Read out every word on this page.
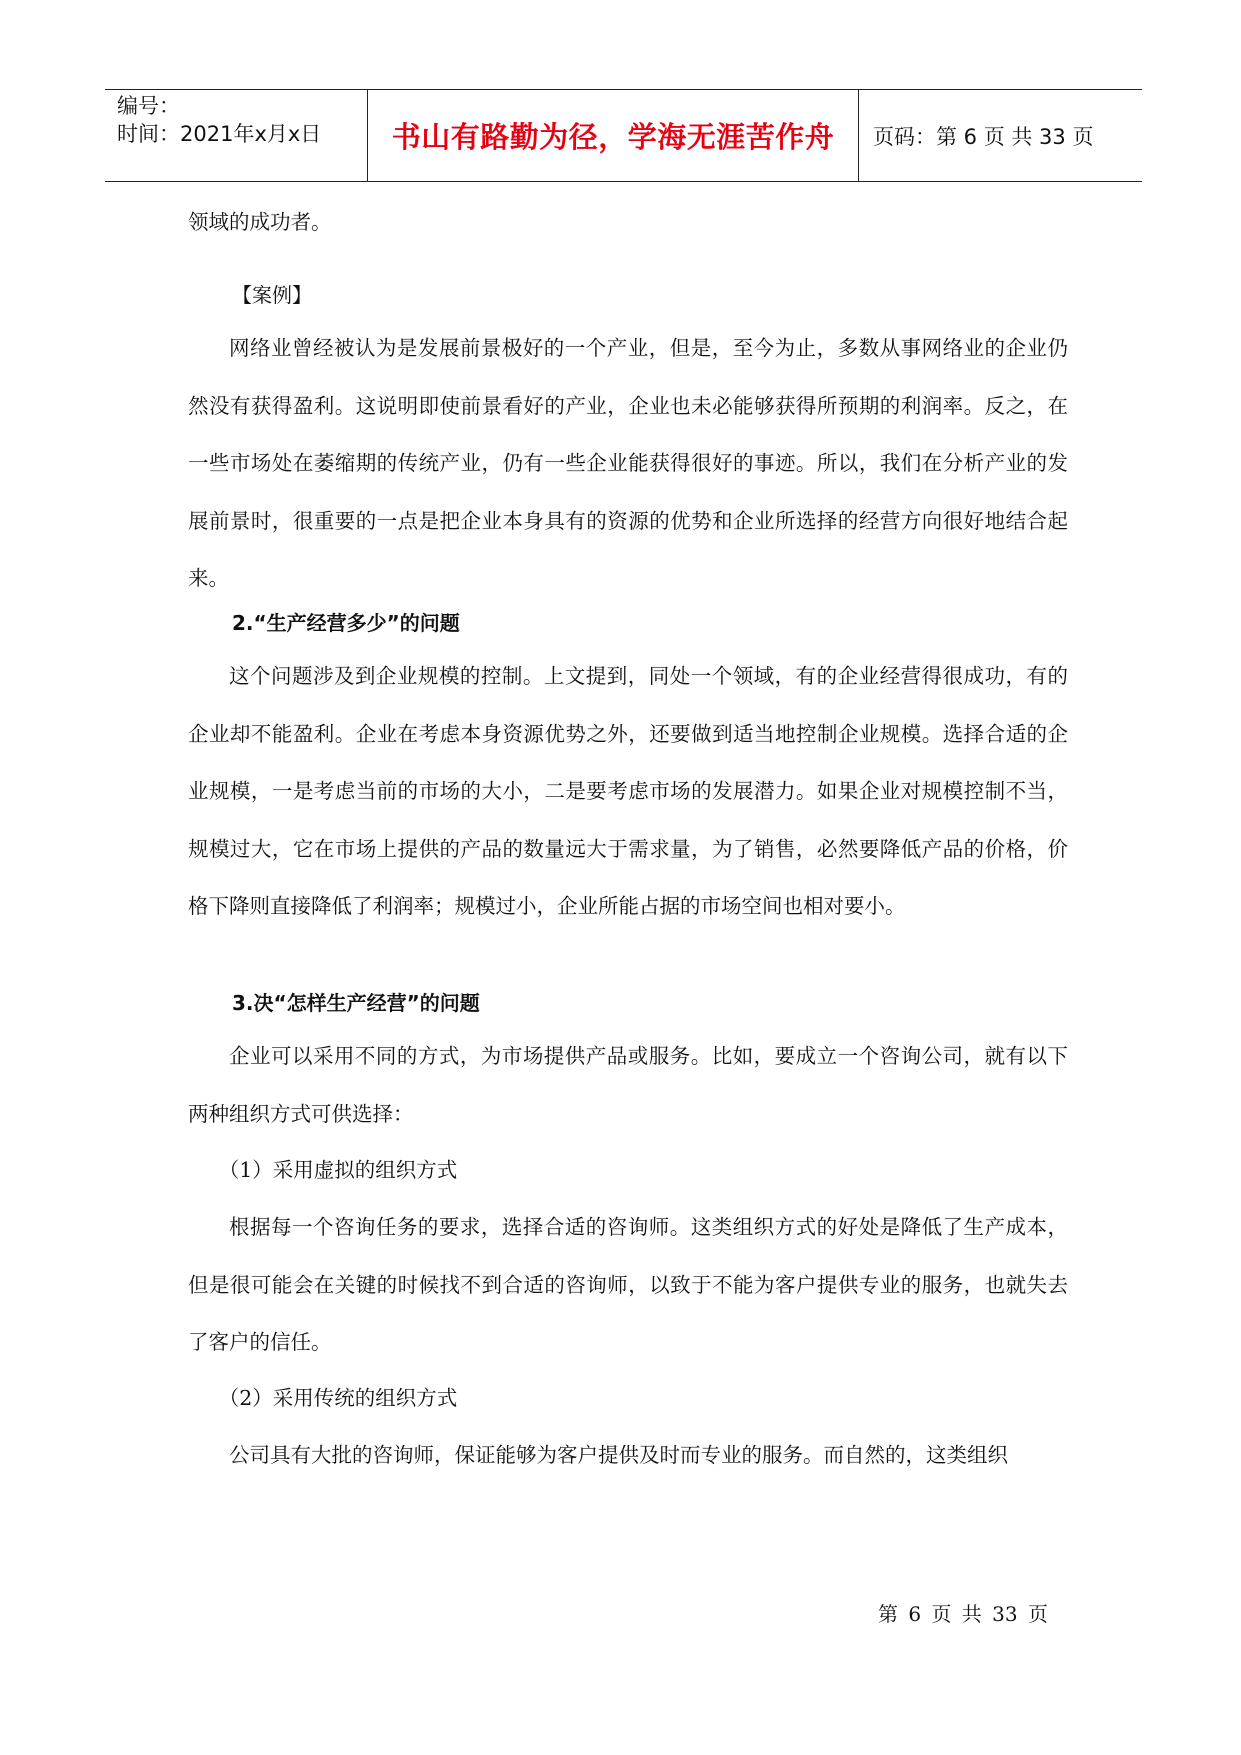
编号：
时间：2021年x月x日	书山有路勤为径，学海无涯苦作舟 页码：第 6 页 共 33 页

领域的成功者。

【案例】

网络业曾经被认为是发展前景极好的一个产业，但是，至今为止，多数从事网络业的企业仍然没有获得盈利。这说明即使前景看好的产业，企业也未必能够获得所预期的利润率。反之，在一些市场处在萎缩期的传统产业，仍有一些企业能获得很好的事迹。所以，我们在分析产业的发展前景时，很重要的一点是把企业本身具有的资源的优势和企业所选择的经营方向很好地结合起来。

2.“生产经营多少”的问题

这个问题涉及到企业规模的控制。上文提到，同处一个领域，有的企业经营得很成功，有的企业却不能盈利。企业在考虑本身资源优势之外，还要做到适当地控制企业规模。选择合适的企业规模，一是考虑当前的市场的大小，二是要考虑市场的发展潜力。如果企业对规模控制不当，规模过大，它在市场上提供的产品的数量远大于需求量，为了销售，必然要降低产品的价格，价格下降则直接降低了利润率；规模过小，企业所能占据的市场空间也相对要小。

3.决“怎样生产经营”的问题

企业可以采用不同的方式，为市场提供产品或服务。比如，要成立一个咨询公司，就有以下两种组织方式可供选择：

（1）采用虚拟的组织方式

根据每一个咨询任务的要求，选择合适的咨询师。这类组织方式的好处是降低了生产成本，但是很可能会在关键的时候找不到合适的咨询师，以致于不能为客户提供专业的服务，也就失去了客户的信任。

（2）采用传统的组织方式

公司具有大批的咨询师，保证能够为客户提供及时而专业的服务。而自然的，这类组织

第 6 页 共 33 页
